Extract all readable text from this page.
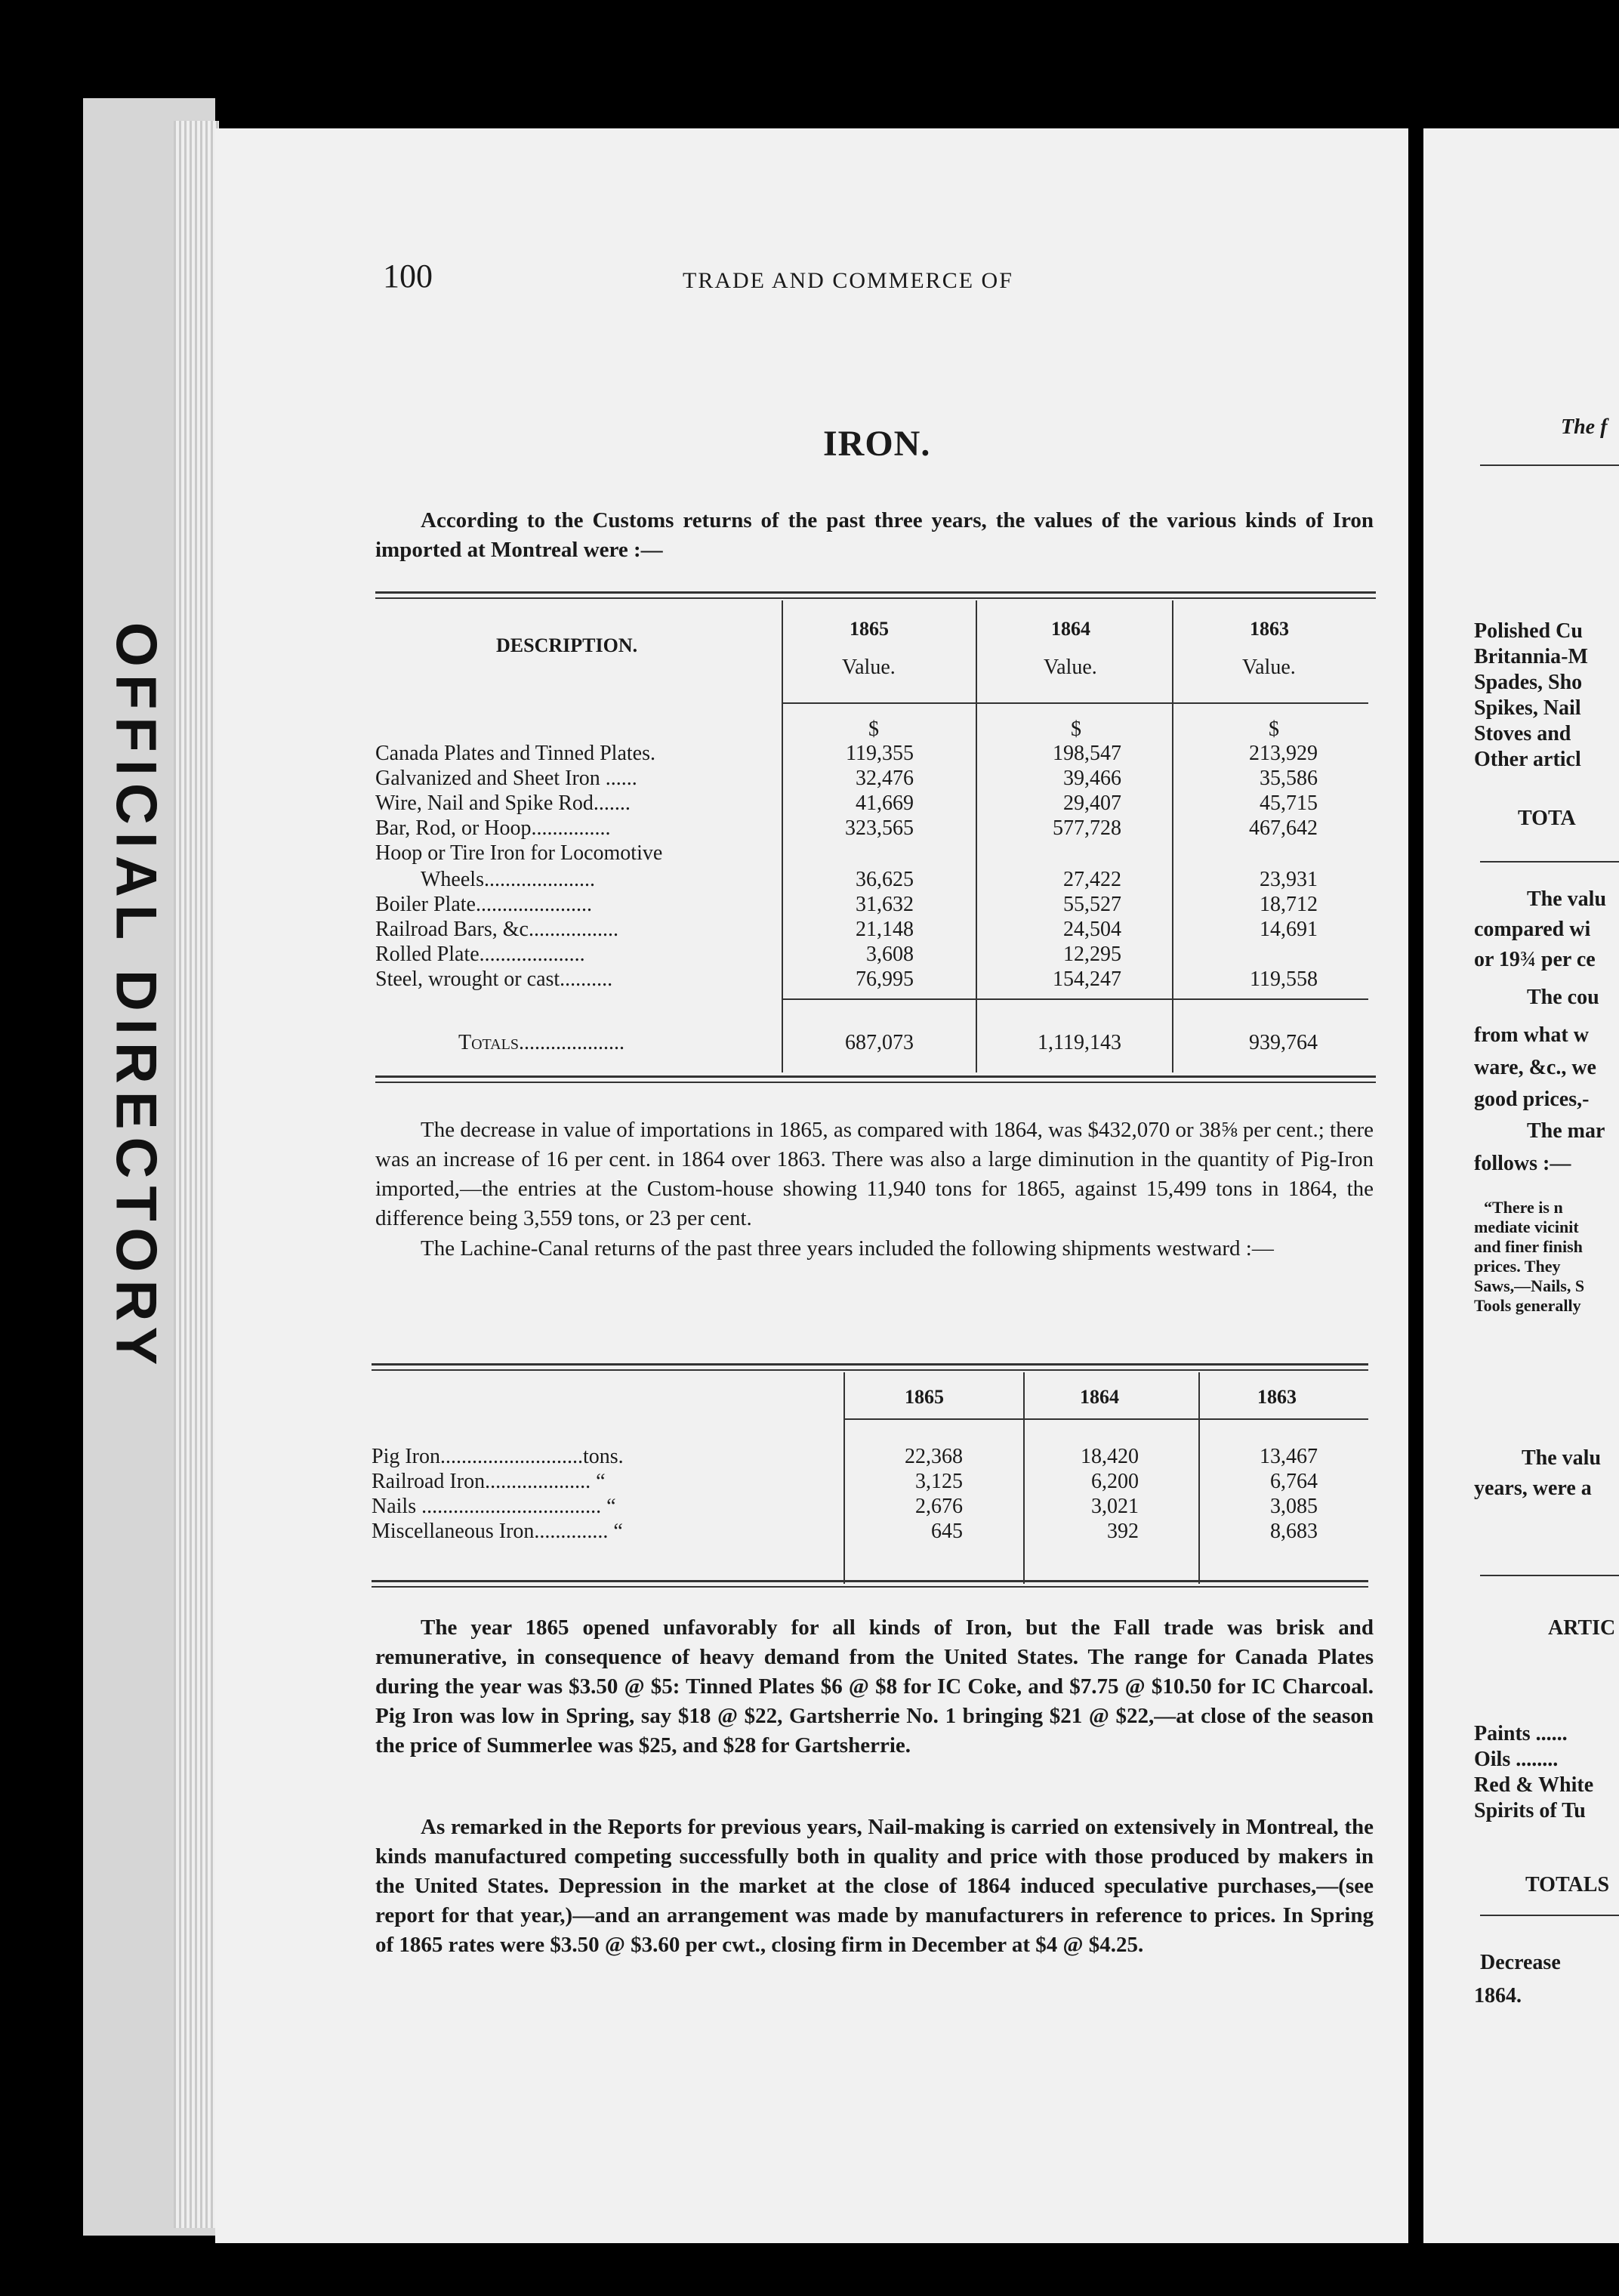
OFFICIAL DIRECTORY
100	TRADE AND COMMERCE OF
IRON.

According to the Customs returns of the past three years, the values of the various kinds of Iron imported at Montreal were :—

DESCRIPTION.
1865	1864	1863
Value.	Value.	Value.
$	$	$
Canada Plates and Tinned Plates.	119,355	198,547	213,929
Galvanized and Sheet Iron ......	32,476	39,466	35,586
Wire, Nail and Spike Rod.......	41,669	29,407	45,715
Bar, Rod, or Hoop...............	323,565	577,728	467,642
Hoop or Tire Iron for Locomotive
Wheels.....................	36,625	27,422	23,931
Boiler Plate......................	31,632	55,527	18,712
Railroad Bars, &c.................	21,148	24,504	14,691
Rolled Plate....................	3,608	12,295
Steel, wrought or cast..........	76,995	154,247	119,558
Totals....................	687,073	1,119,143	939,764

The decrease in value of importations in 1865, as compared with 1864, was $432,070 or 38⅝ per cent.; there was an increase of 16 per cent. in 1864 over 1863. There was also a large diminution in the quantity of Pig-Iron imported,—the entries at the Custom-house showing 11,940 tons for 1865, against 15,499 tons in 1864, the difference being 3,559 tons, or 23 per cent.

The Lachine-Canal returns of the past three years included the following shipments westward :—

1865	1864	1863
Pig Iron...........................tons.	22,368	18,420	13,467
Railroad Iron.................... “	3,125	6,200	6,764
Nails .................................. “	2,676	3,021	3,085
Miscellaneous Iron.............. “	645	392	8,683

The year 1865 opened unfavorably for all kinds of Iron, but the Fall trade was brisk and remunerative, in consequence of heavy demand from the United States. The range for Canada Plates during the year was $3.50 @ $5: Tinned Plates $6 @ $8 for IC Coke, and $7.75 @ $10.50 for IC Charcoal. Pig Iron was low in Spring, say $18 @ $22, Gartsherrie No. 1 bringing $21 @ $22,—at close of the season the price of Summerlee was $25, and $28 for Gartsherrie.

As remarked in the Reports for previous years, Nail-making is carried on extensively in Montreal, the kinds manufactured competing successfully both in quality and price with those produced by makers in the United States. Depression in the market at the close of 1864 induced speculative purchases,—(see report for that year,)—and an arrangement was made by manufacturers in reference to prices. In Spring of 1865 rates were $3.50 @ $3.60 per cwt., closing firm in December at $4 @ $4.25.

The f
Polished Cu
Britannia-M
Spades, Sho
Spikes, Nail
Stoves and
Other articl
TOTA
The valu
compared wi
or 19¾ per ce
The cou
from what w
ware, &c., we
good prices,-
The mar
follows :—
“There is n
mediate vicinit
and finer finish
prices. They
Saws,—Nails, S
Tools generally
The valu
years, were a
ARTIC
Paints ......
Oils ........
Red & White
Spirits of Tu
TOTALS
Decrease
1864.
